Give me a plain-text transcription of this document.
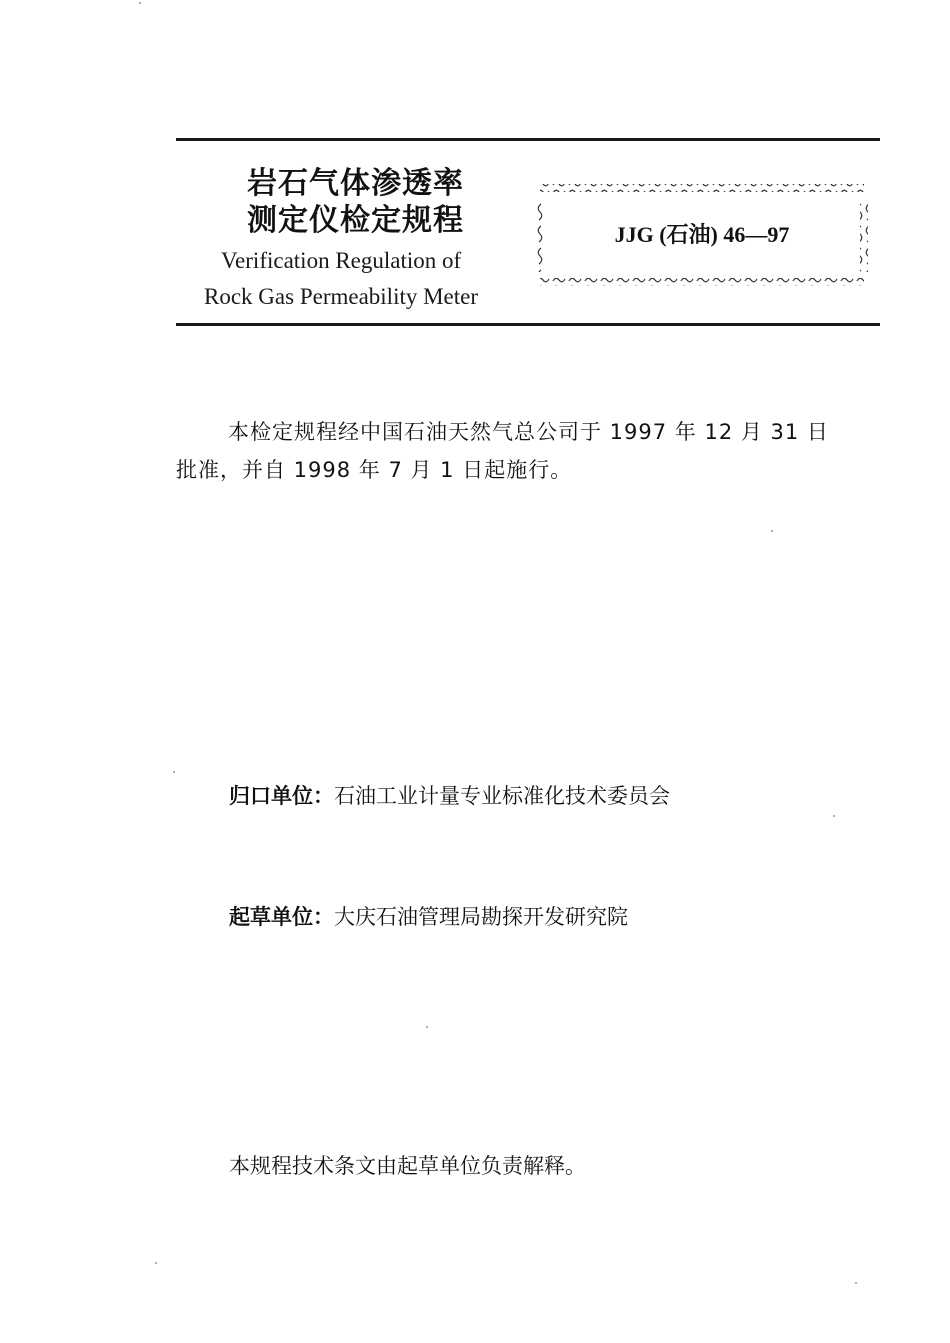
岩石气体渗透率
测定仪检定规程
Verification Regulation of
Rock Gas Permeability Meter
JJG (石油) 46—97
本检定规程经中国石油天然气总公司于 1997 年 12 月 31 日
批准，并自 1998 年 7 月 1 日起施行。
归口单位：石油工业计量专业标准化技术委员会
起草单位：大庆石油管理局勘探开发研究院
本规程技术条文由起草单位负责解释。
